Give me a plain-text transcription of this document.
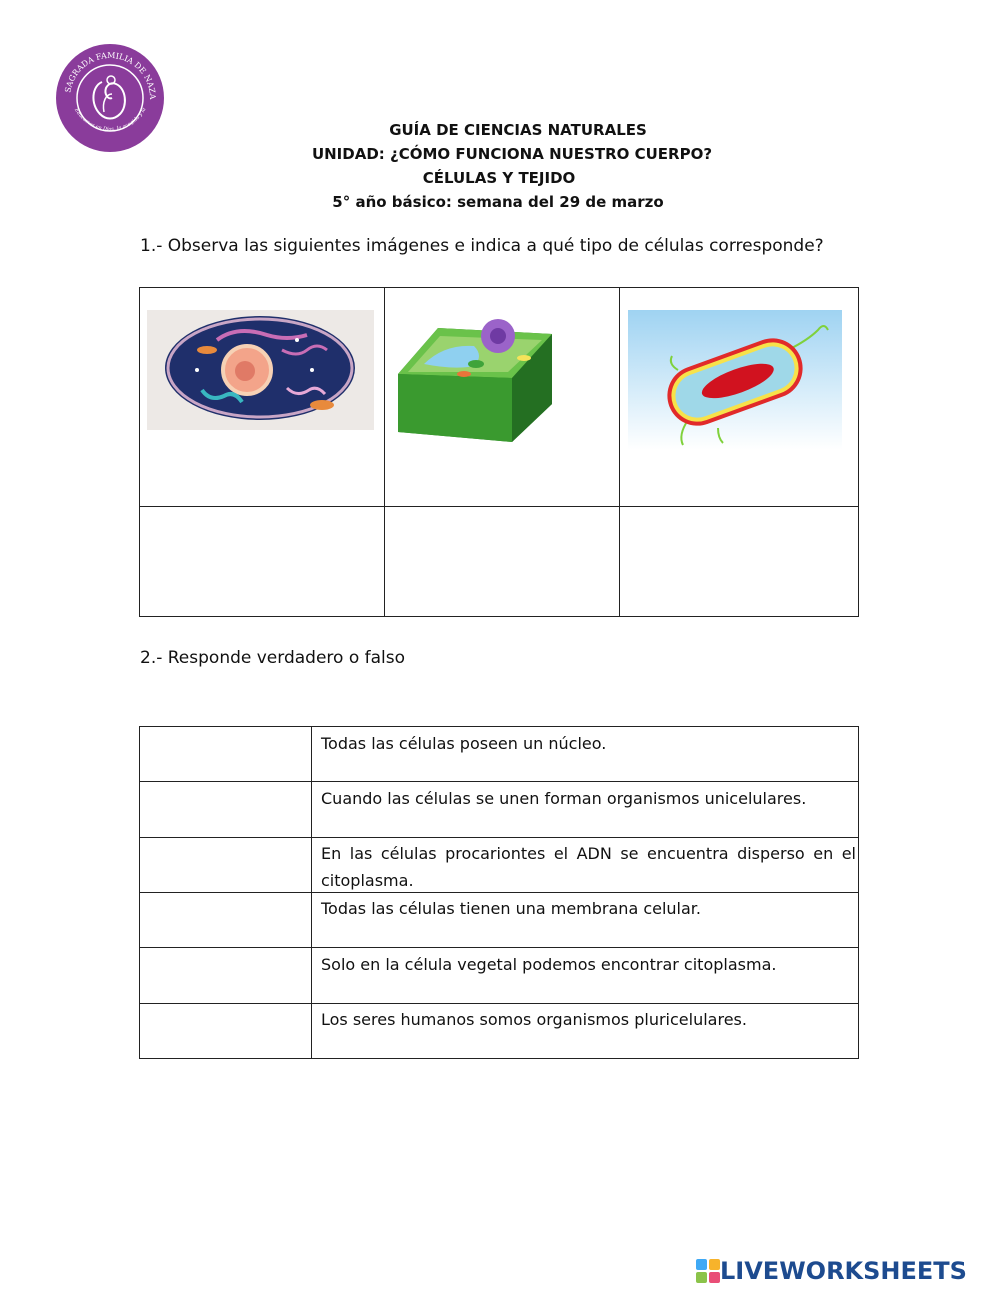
SAGRADA FAMILIA DE NAZA
Educamos en Dios, la acogida y la
GUÍA DE CIENCIAS NATURALES
UNIDAD: ¿CÓMO FUNCIONA NUESTRO CUERPO?
CÉLULAS Y TEJIDO
5° año básico: semana del 29 de marzo
1.- Observa las siguientes imágenes e indica a qué tipo de células corresponde?
2.- Responde verdadero o falso
Todas las células poseen un núcleo.
Cuando las células se unen forman organismos unicelulares.
En las células procariontes el ADN se encuentra disperso en el citoplasma.
Todas las células tienen una membrana celular.
Solo en la célula vegetal podemos encontrar citoplasma.
Los seres humanos somos organismos pluricelulares.
LIVEWORKSHEETS
